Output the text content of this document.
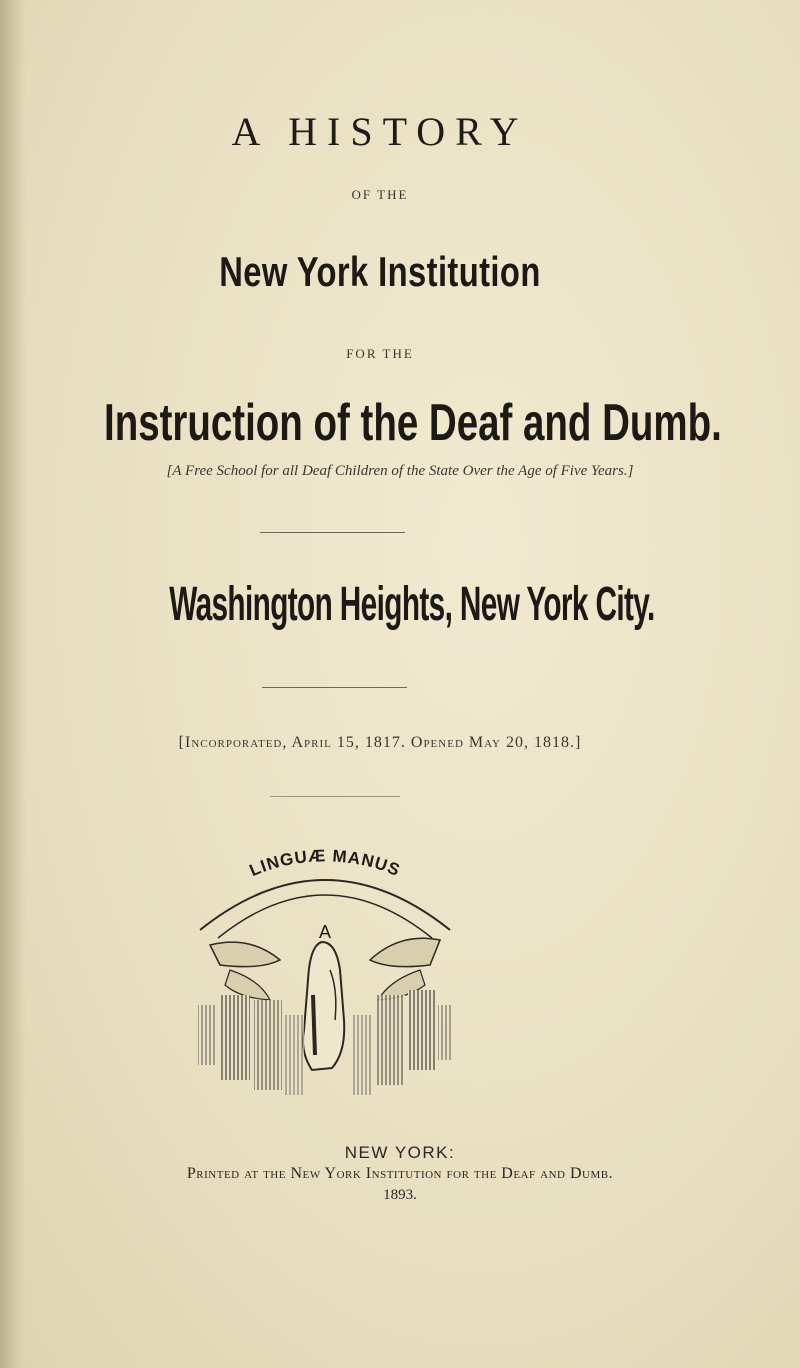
A HISTORY
OF THE
New York Institution
FOR THE
Instruction of the Deaf and Dumb.
[A Free School for all Deaf Children of the State Over the Age of Five Years.]
Washington Heights, New York City.
[Incorporated, April 15, 1817. Opened May 20, 1818.]
LINGUÆ MANUS
A
NEW YORK:
Printed at the New York Institution for the Deaf and Dumb.
1893.
